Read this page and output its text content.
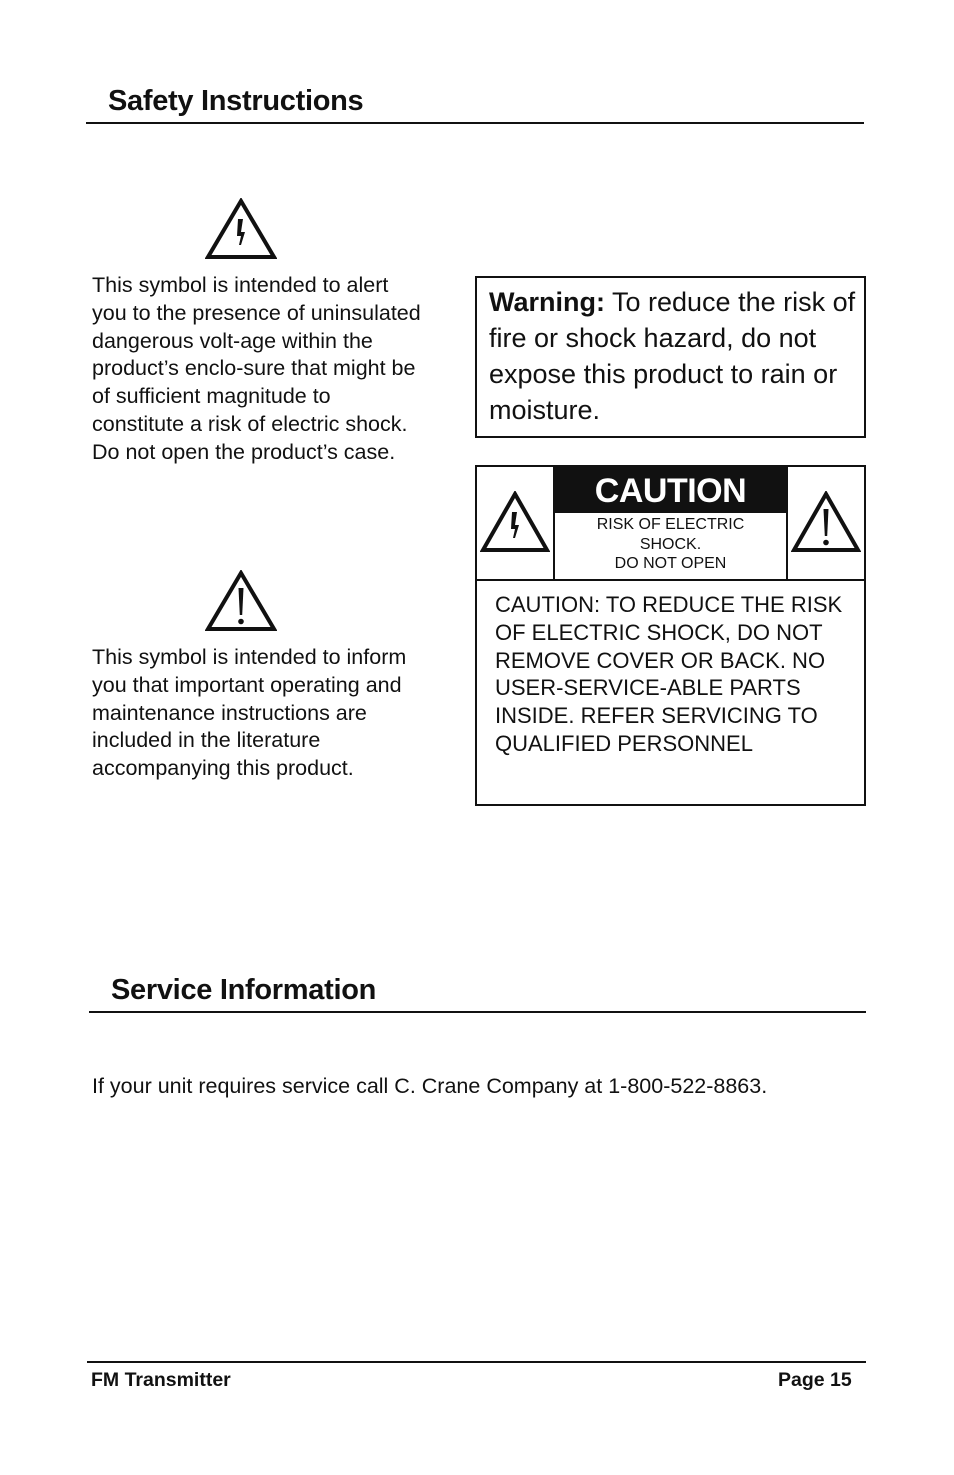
Safety Instructions
This symbol is intended to alert you to the presence of uninsulated dangerous volt-age within the product’s enclo-sure that might be of sufficient magnitude to constitute a risk of electric shock. Do not open the product’s case.
This symbol is intended to inform you that important operating and maintenance instructions are included in the literature accompanying this product.
Warning: To reduce the risk of fire or shock hazard, do not expose this product to rain or moisture.
CAUTION
RISK OF ELECTRIC
SHOCK.
DO NOT OPEN
CAUTION: TO REDUCE THE RISK OF ELECTRIC SHOCK, DO NOT REMOVE COVER OR BACK. NO USER-SERVICE-ABLE PARTS INSIDE. REFER SERVICING TO QUALIFIED PERSONNEL
Service Information
If your unit requires service call C. Crane Company at 1-800-522-8863.
FM Transmitter	Page 15
